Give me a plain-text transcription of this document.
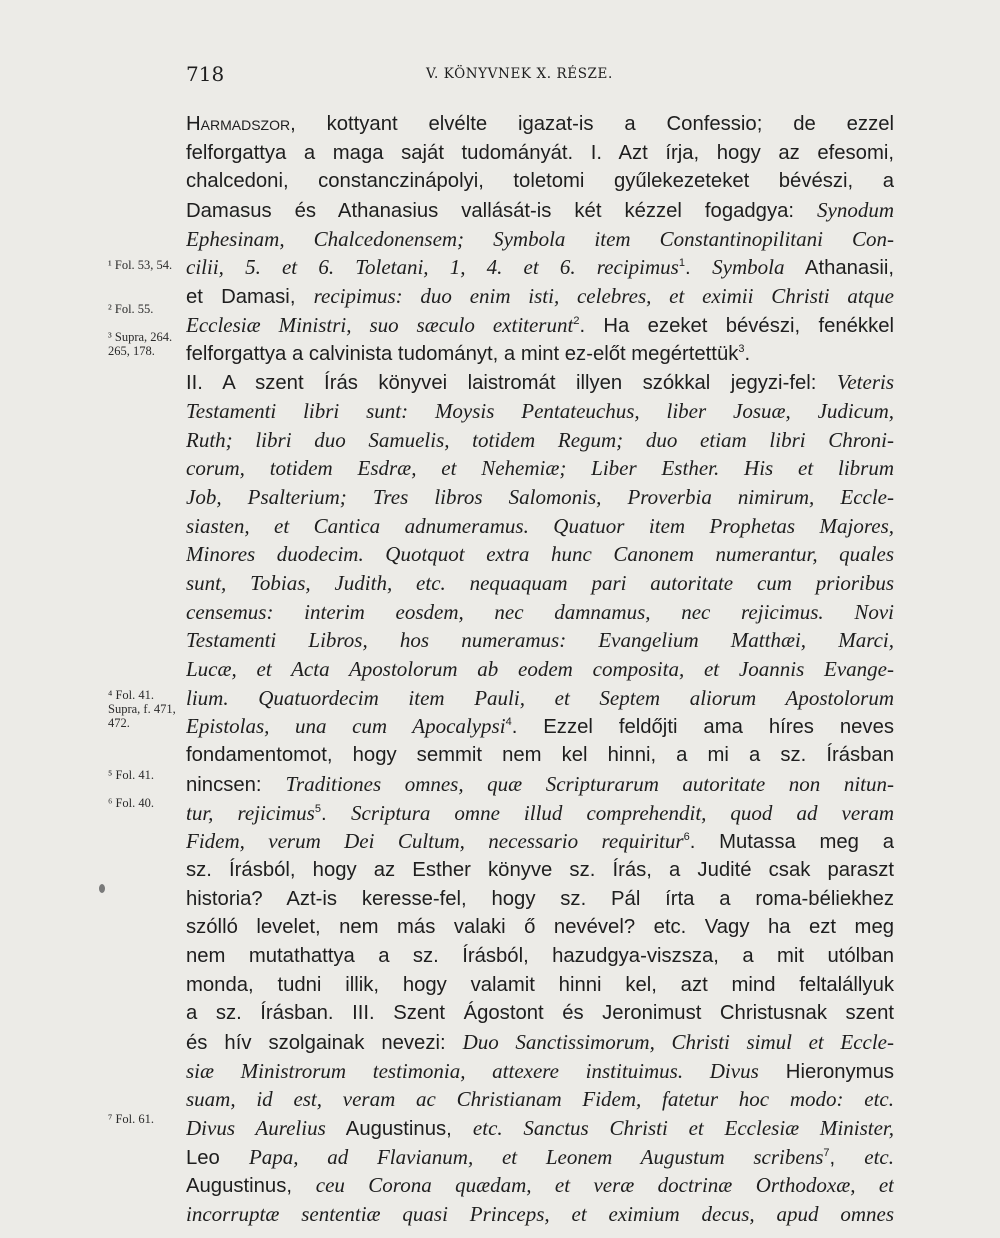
718	V. KÖNYVNEK X. RÉSZE.
¹ Fol. 53, 54.
² Fol. 55.
³ Supra, 264. 265, 178.
⁴ Fol. 41. Supra, f. 471, 472.
⁵ Fol. 41.
⁶ Fol. 40.
⁷ Fol. 61.
Harmadszor, kottyant elvélte igazat-is a Confessio; de ezzel
felforgattya a maga saját tudományát. I. Azt írja, hogy az efesomi,
chalcedoni, constanczinápolyi, toletomi gyűlekezeteket bévészi, a
Damasus és Athanasius vallását-is két kézzel fogadgya: Synodum
Ephesinam, Chalcedonensem; Symbola item Constantinopilitani Con-
cilii, 5. et 6. Toletani, 1, 4. et 6. recipimus$^1$. Symbola Athanasii,
et Damasi, recipimus: duo enim isti, celebres, et eximii Christi atque
Ecclesiæ Ministri, suo sæculo extiterunt$^2$. Ha ezeket bévészi, fenékkel
felforgattya a calvinista tudományt, a mint ez-előt megértettük$^3$.
II. A szent Írás könyvei laistromát illyen szókkal jegyzi-fel: Veteris
Testamenti libri sunt: Moysis Pentateuchus, liber Josuæ, Judicum,
Ruth; libri duo Samuelis, totidem Regum; duo etiam libri Chroni-
corum, totidem Esdræ, et Nehemiæ; Liber Esther. His et librum
Job, Psalterium; Tres libros Salomonis, Proverbia nimirum, Eccle-
siasten, et Cantica adnumeramus. Quatuor item Prophetas Majores,
Minores duodecim. Quotquot extra hunc Canonem numerantur, quales
sunt, Tobias, Judith, etc. nequaquam pari autoritate cum prioribus
censemus: interim eosdem, nec damnamus, nec rejicimus. Novi
Testamenti Libros, hos numeramus: Evangelium Matthæi, Marci,
Lucæ, et Acta Apostolorum ab eodem composita, et Joannis Evange-
lium. Quatuordecim item Pauli, et Septem aliorum Apostolorum
Epistolas, una cum Apocalypsi$^4$. Ezzel feldőjti ama híres neves
fondamentomot, hogy semmit nem kel hinni, a mi a sz. Írásban
nincsen: Traditiones omnes, quæ Scripturarum autoritate non nitun-
tur, rejicimus$^5$. Scriptura omne illud comprehendit, quod ad veram
Fidem, verum Dei Cultum, necessario requiritur$^6$. Mutassa meg a
sz. Írásból, hogy az Esther könyve sz. Írás, a Judité csak paraszt
historia? Azt-is keresse-fel, hogy sz. Pál írta a roma-béliekhez
szólló levelet, nem más valaki ő nevével? etc. Vagy ha ezt meg
nem mutathattya a sz. Írásból, hazudgya-viszsza, a mit utólban
monda, tudni illik, hogy valamit hinni kel, azt mind feltalállyuk
a sz. Írásban. III. Szent Ágostont és Jeronimust Christusnak szent
és hív szolgainak nevezi: Duo Sanctissimorum, Christi simul et Eccle-
siæ Ministrorum testimonia, attexere instituimus. Divus Hieronymus
suam, id est, veram ac Christianam Fidem, fatetur hoc modo: etc.
Divus Aurelius Augustinus, etc. Sanctus Christi et Ecclesiæ Minister,
Leo Papa, ad Flavianum, et Leonem Augustum scribens$^7$, etc.
Augustinus, ceu Corona quædam, et veræ doctrinæ Orthodoxæ, et
incorruptæ sententiæ quasi Princeps, et eximium decus, apud omnes
